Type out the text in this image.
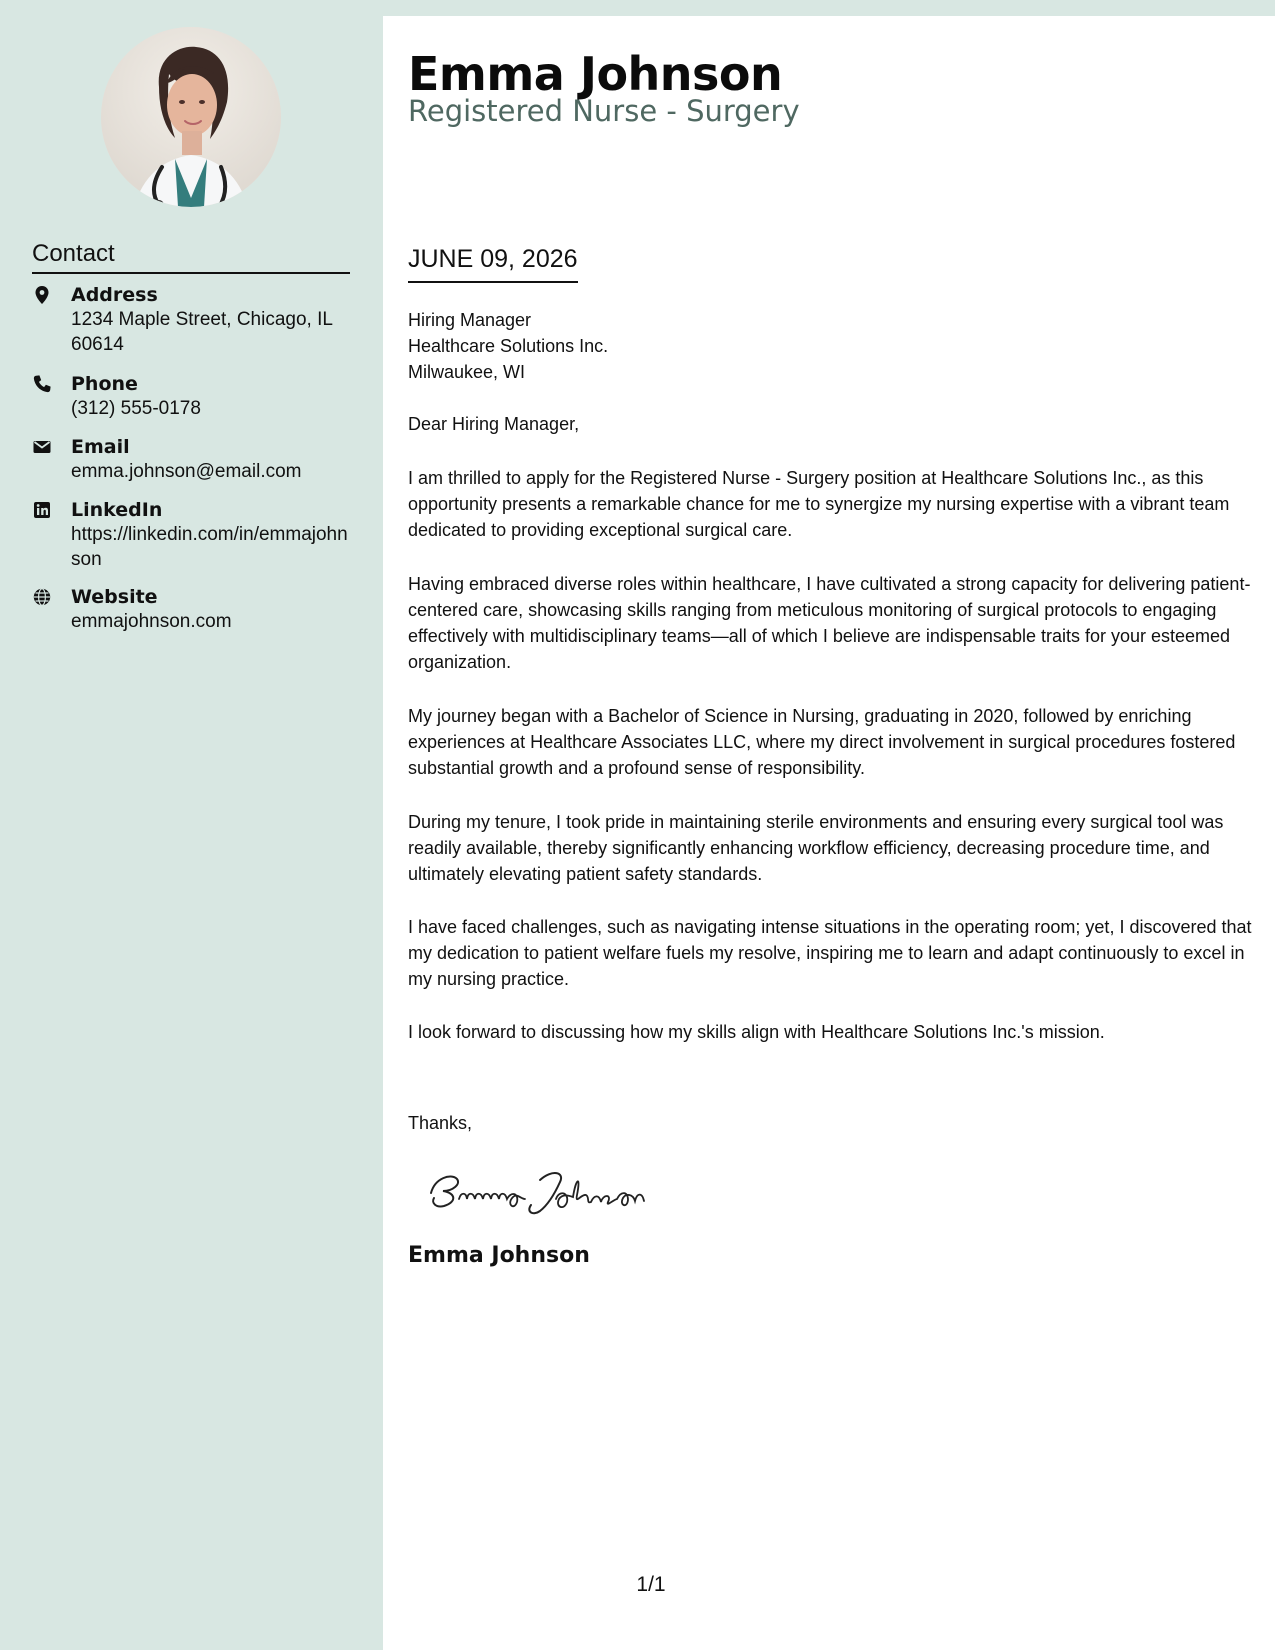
Contact
Address
1234 Maple Street, Chicago, IL 60614
Phone
(312) 555-0178
Email
emma.johnson@email.com
LinkedIn
https://linkedin.com/in/emmajohnson
Website
emmajohnson.com
Emma Johnson
Registered Nurse - Surgery
JUNE 09, 2026
Hiring Manager
Healthcare Solutions Inc.
Milwaukee, WI
Dear Hiring Manager,

I am thrilled to apply for the Registered Nurse - Surgery position at Healthcare Solutions Inc., as this opportunity presents a remarkable chance for me to synergize my nursing expertise with a vibrant team dedicated to providing exceptional surgical care.

Having embraced diverse roles within healthcare, I have cultivated a strong capacity for delivering patient-centered care, showcasing skills ranging from meticulous monitoring of surgical protocols to engaging effectively with multidisciplinary teams—all of which I believe are indispensable traits for your esteemed organization.

My journey began with a Bachelor of Science in Nursing, graduating in 2020, followed by enriching experiences at Healthcare Associates LLC, where my direct involvement in surgical procedures fostered substantial growth and a profound sense of responsibility.

During my tenure, I took pride in maintaining sterile environments and ensuring every surgical tool was readily available, thereby significantly enhancing workflow efficiency, decreasing procedure time, and ultimately elevating patient safety standards.

I have faced challenges, such as navigating intense situations in the operating room; yet, I discovered that my dedication to patient welfare fuels my resolve, inspiring me to learn and adapt continuously to excel in my nursing practice.

I look forward to discussing how my skills align with Healthcare Solutions Inc.'s mission.

Thanks,
Emma Johnson
1/1
